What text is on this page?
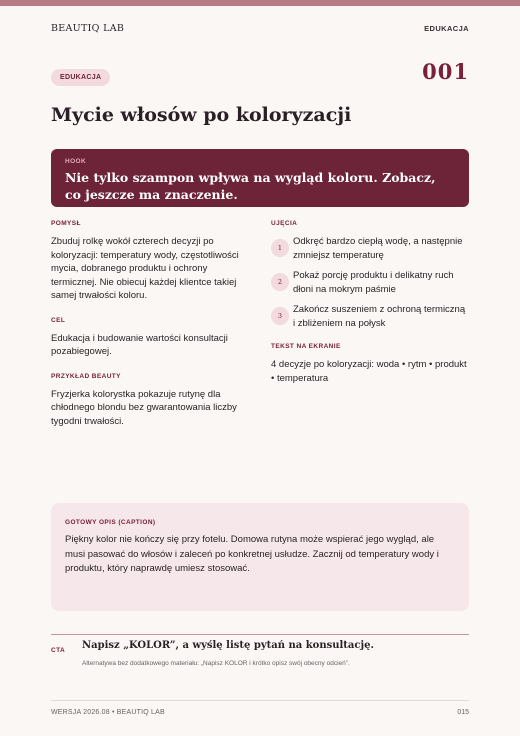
BEAUTIQ LAB	EDUKACJA
EDUKACJA	001
Mycie włosów po koloryzacji
HOOK
Nie tylko szampon wpływa na wygląd koloru. Zobacz, co jeszcze ma znaczenie.
POMYSŁ
Zbuduj rolkę wokół czterech decyzji po koloryzacji: temperatury wody, częstotliwości mycia, dobranego produktu i ochrony termicznej. Nie obiecuj każdej klientce takiej samej trwałości koloru.
CEL
Edukacja i budowanie wartości konsultacji pozabiegowej.
PRZYKŁAD BEAUTY
Fryzjerka kolorystka pokazuje rutynę dla chłodnego blondu bez gwarantowania liczby tygodni trwałości.
UJĘCIA
1
Odkręć bardzo ciepłą wodę, a następnie zmniejsz temperaturę
2
Pokaż porcję produktu i delikatny ruch dłoni na mokrym paśmie
3
Zakończ suszeniem z ochroną termiczną i zbliżeniem na połysk
TEKST NA EKRANIE
4 decyzje po koloryzacji: woda • rytm • produkt • temperatura
GOTOWY OPIS (CAPTION)
Piękny kolor nie kończy się przy fotelu. Domowa rutyna może wspierać jego wygląd, ale musi pasować do włosów i zaleceń po konkretnej usłudze. Zacznij od temperatury wody i produktu, który naprawdę umiesz stosować.
CTA Napisz „KOLOR”, a wyślę listę pytań na konsultację.
Alternatywa bez dodatkowego materiału: „Napisz KOLOR i krótko opisz swój obecny odcień”.
WERSJA 2026.08 • BEAUTIQ LAB	015
